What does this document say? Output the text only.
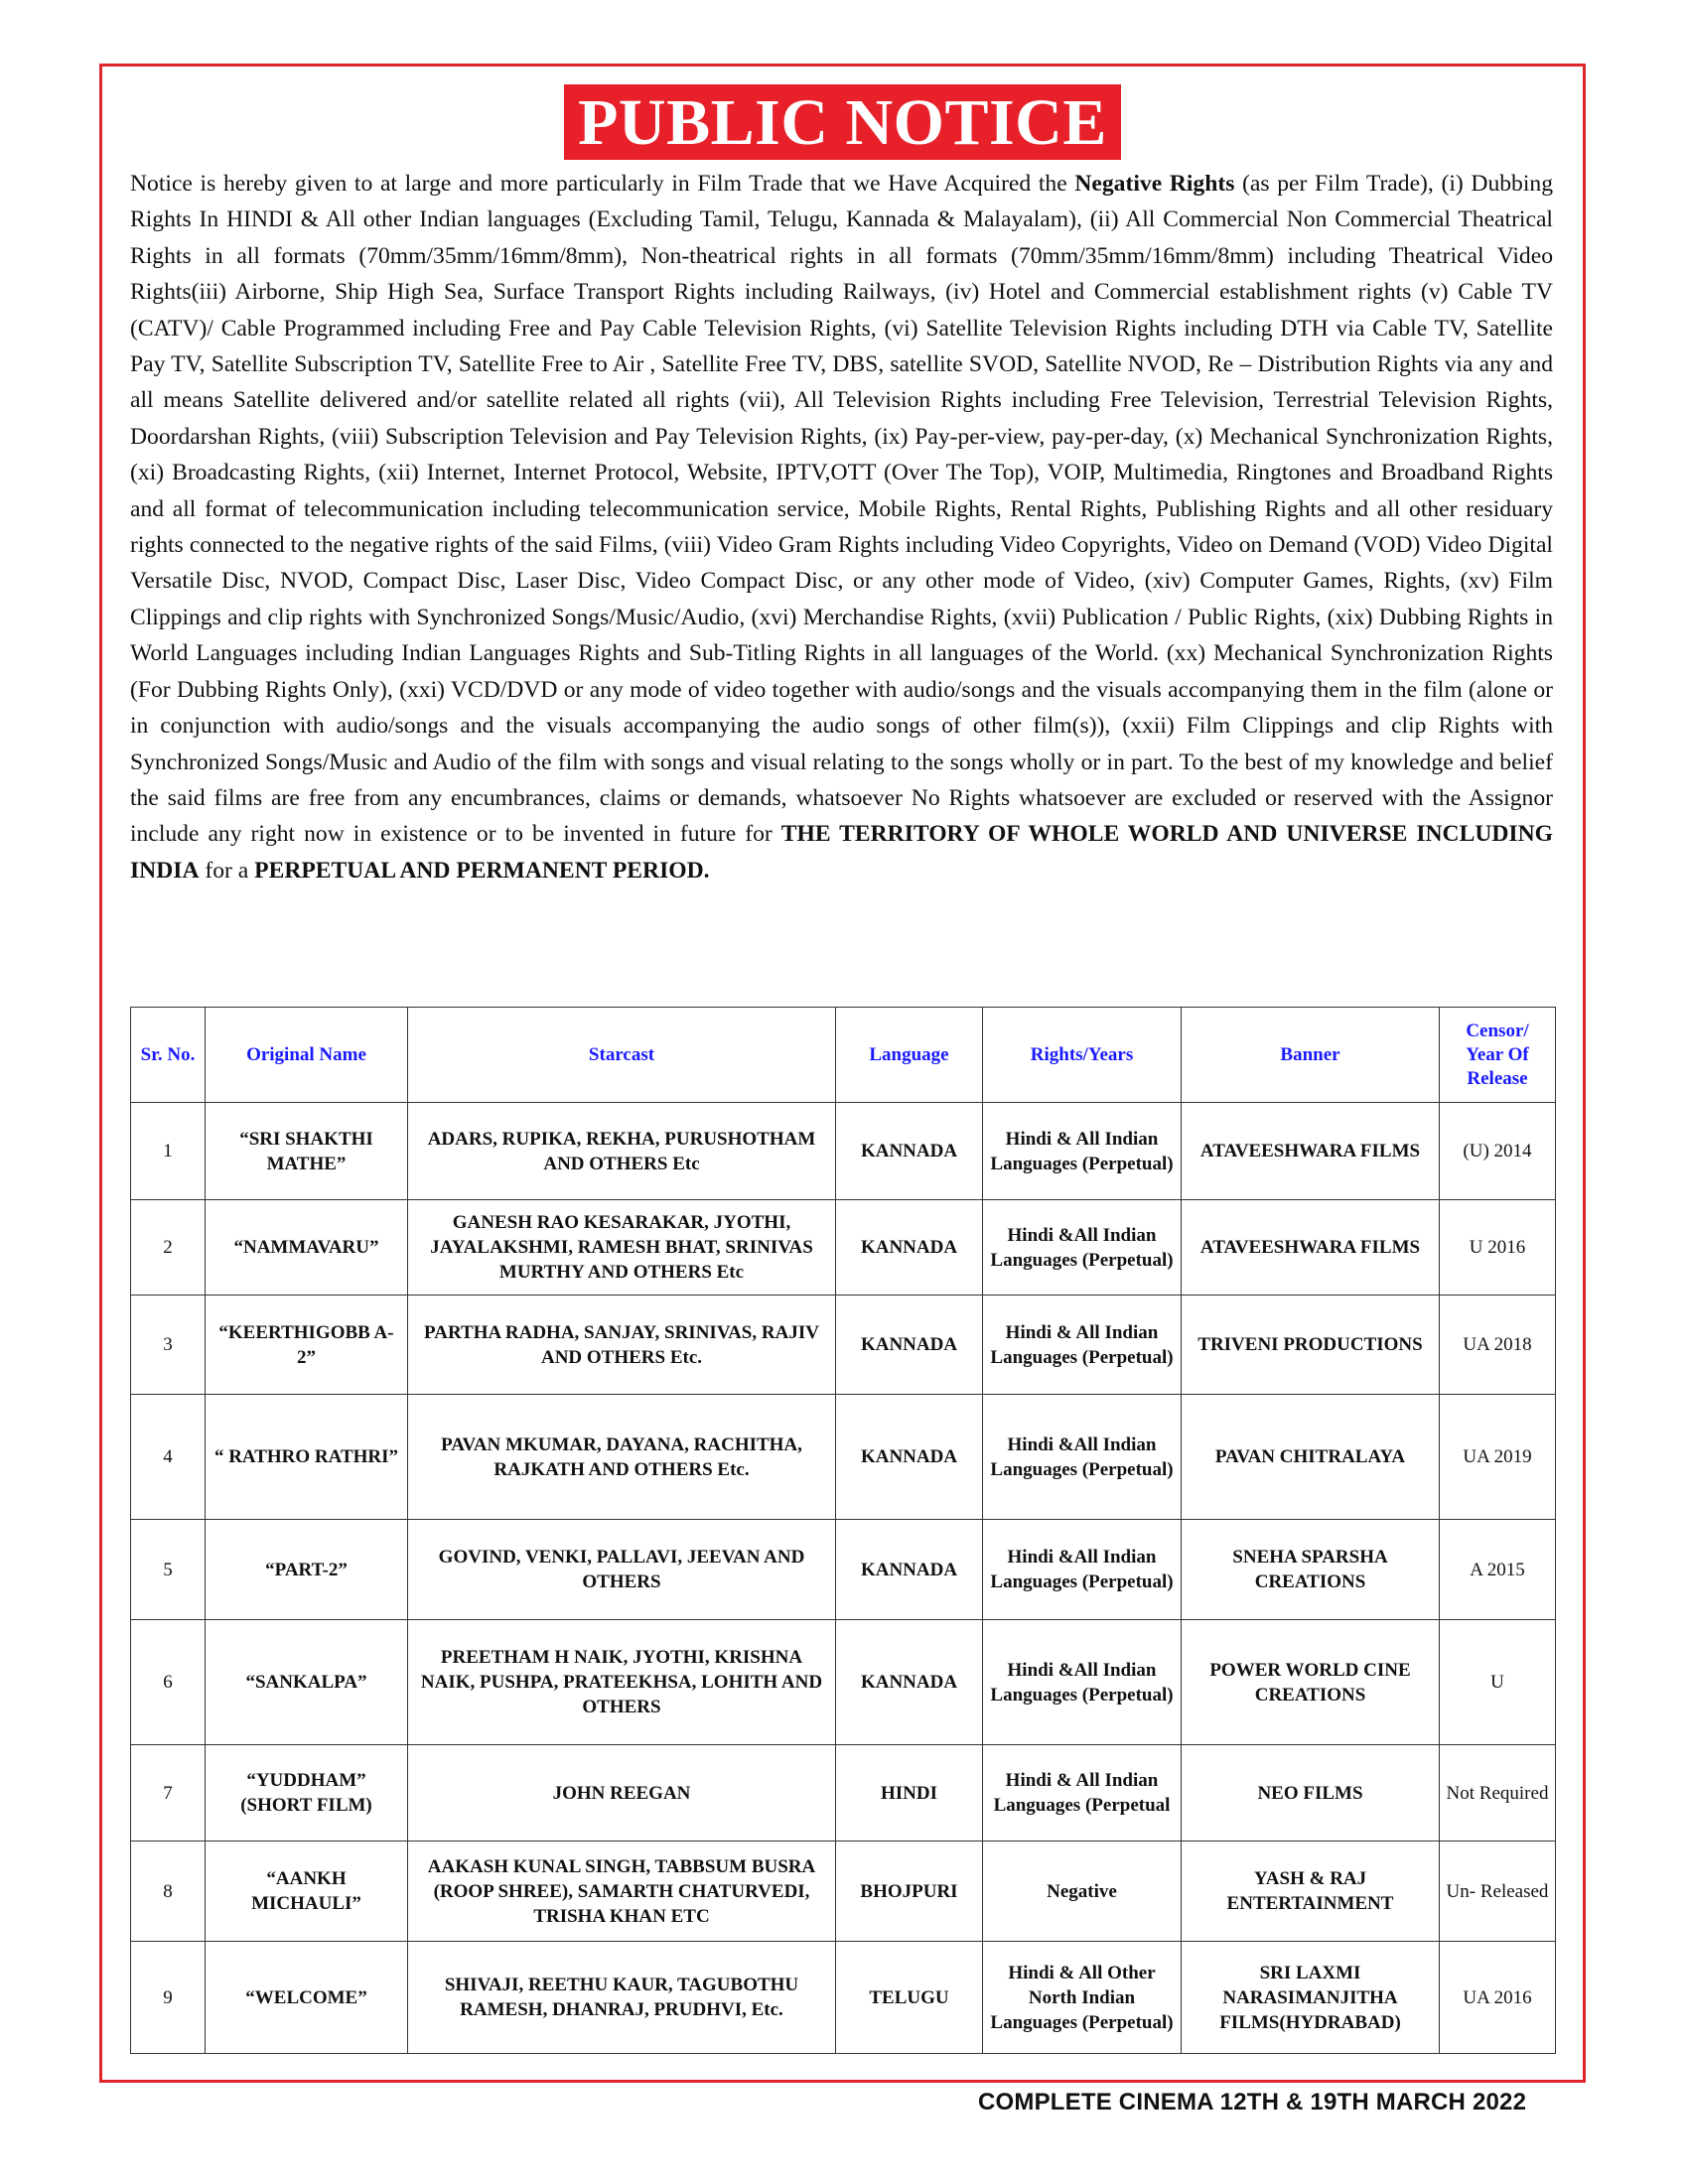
PUBLIC NOTICE

Notice is hereby given to at large and more particularly in Film Trade that we Have Acquired the Negative Rights (as per Film Trade), (i) Dubbing Rights In HINDI & All other Indian languages (Excluding Tamil, Telugu, Kannada & Malayalam), (ii) All Commercial Non Commercial Theatrical Rights in all formats (70mm/35mm/16mm/8mm), Non-theatrical rights in all formats (70mm/35mm/16mm/8mm) including Theatrical Video Rights(iii) Airborne, Ship High Sea, Surface Transport Rights including Railways, (iv) Hotel and Commercial establishment rights (v) Cable TV (CATV)/ Cable Programmed including Free and Pay Cable Television Rights, (vi) Satellite Television Rights including DTH via Cable TV, Satellite Pay TV, Satellite Subscription TV, Satellite Free to Air , Satellite Free TV, DBS, satellite SVOD, Satellite NVOD, Re – Distribution Rights via any and all means Satellite delivered and/or satellite related all rights (vii), All Television Rights including Free Television, Terrestrial Television Rights, Doordarshan Rights, (viii) Subscription Television and Pay Television Rights, (ix) Pay-per-view, pay-per-day, (x) Mechanical Synchronization Rights, (xi) Broadcasting Rights, (xii) Internet, Internet Protocol, Website, IPTV,OTT (Over The Top), VOIP, Multimedia, Ringtones and Broadband Rights and all format of telecommunication including telecommunication service, Mobile Rights, Rental Rights, Publishing Rights and all other residuary rights connected to the negative rights of the said Films, (viii) Video Gram Rights including Video Copyrights, Video on Demand (VOD) Video Digital Versatile Disc, NVOD, Compact Disc, Laser Disc, Video Compact Disc, or any other mode of Video, (xiv) Computer Games, Rights, (xv) Film Clippings and clip rights with Synchronized Songs/Music/Audio, (xvi) Merchandise Rights, (xvii) Publication / Public Rights, (xix) Dubbing Rights in World Languages including Indian Languages Rights and Sub-Titling Rights in all languages of the World. (xx) Mechanical Synchronization Rights (For Dubbing Rights Only), (xxi) VCD/DVD or any mode of video together with audio/songs and the visuals accompanying them in the film (alone or in conjunction with audio/songs and the visuals accompanying the audio songs of other film(s)), (xxii) Film Clippings and clip Rights with Synchronized Songs/Music and Audio of the film with songs and visual relating to the songs wholly or in part. To the best of my knowledge and belief the said films are free from any encumbrances, claims or demands, whatsoever No Rights whatsoever are excluded or reserved with the Assignor include any right now in existence or to be invented in future for THE TERRITORY OF WHOLE WORLD AND UNIVERSE INCLUDING INDIA for a PERPETUAL AND PERMANENT PERIOD.

Sr. No.	Original Name	Starcast	Language	Rights/Years	Banner	Censor/ Year Of Release
1	“SRI SHAKTHI MATHE”	ADARS, RUPIKA, REKHA, PURUSHOTHAM AND OTHERS Etc	KANNADA	Hindi & All Indian Languages (Perpetual)	ATAVEESHWARA FILMS	(U) 2014
2	“NAMMAVARU”	GANESH RAO KESARAKAR, JYOTHI, JAYALAKSHMI, RAMESH BHAT, SRINIVAS MURTHY AND OTHERS Etc	KANNADA	Hindi &All Indian Languages (Perpetual)	ATAVEESHWARA FILMS	U 2016
3	“KEERTHIGOBB A-2”	PARTHA RADHA, SANJAY, SRINIVAS, RAJIV AND OTHERS Etc.	KANNADA	Hindi & All Indian Languages (Perpetual)	TRIVENI PRODUCTIONS	UA 2018
4	“ RATHRO RATHRI”	PAVAN MKUMAR, DAYANA, RACHITHA, RAJKATH AND OTHERS Etc.	KANNADA	Hindi &All Indian Languages (Perpetual)	PAVAN CHITRALAYA	UA 2019
5	“PART-2”	GOVIND, VENKI, PALLAVI, JEEVAN AND OTHERS	KANNADA	Hindi &All Indian Languages (Perpetual)	SNEHA SPARSHA CREATIONS	A 2015
6	“SANKALPA”	PREETHAM H NAIK, JYOTHI, KRISHNA NAIK, PUSHPA, PRATEEKHSA, LOHITH AND OTHERS	KANNADA	Hindi &All Indian Languages (Perpetual)	POWER WORLD CINE CREATIONS	U
7	“YUDDHAM” (SHORT FILM)	JOHN REEGAN	HINDI	Hindi & All Indian Languages (Perpetual	NEO FILMS	Not Required
8	“AANKH MICHAULI”	AAKASH KUNAL SINGH, TABBSUM BUSRA (ROOP SHREE), SAMARTH CHATURVEDI, TRISHA KHAN ETC	BHOJPURI	Negative	YASH & RAJ ENTERTAINMENT	Un- Released
9	“WELCOME”	SHIVAJI, REETHU KAUR, TAGUBOTHU RAMESH, DHANRAJ, PRUDHVI, Etc.	TELUGU	Hindi & All Other North Indian Languages (Perpetual)	SRI LAXMI NARASIMANJITHA FILMS(HYDRABAD)	UA 2016
COMPLETE CINEMA 12TH & 19TH MARCH 2022
